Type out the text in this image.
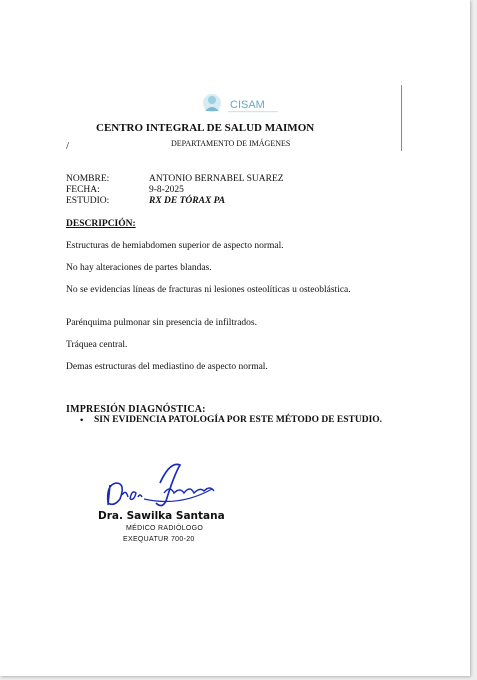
CISAM
CENTRO INTEGRAL DE SALUD MAIMON
/	DEPARTAMENTO DE IMÁGENES
NOMBRE:	ANTONIO BERNABEL SUAREZ
FECHA:	9-8-2025
ESTUDIO:	RX DE TÓRAX PA
DESCRIPCIÓN:
Estructuras de hemiabdomen superior de aspecto normal.
No hay alteraciones de partes blandas.
No se evidencias líneas de fracturas ni lesiones osteolíticas u osteoblástica.
Parénquima pulmonar sin presencia de infiltrados.
Tráquea central.
Demas estructuras del mediastino de aspecto normal.
IMPRESIÓN DIAGNÓSTICA:
• SIN EVIDENCIA PATOLOGÍA POR ESTE MÉTODO DE ESTUDIO.
Dra. Sawilka Santana
MÉDICO RADIÓLOGO
EXEQUATUR 700-20
